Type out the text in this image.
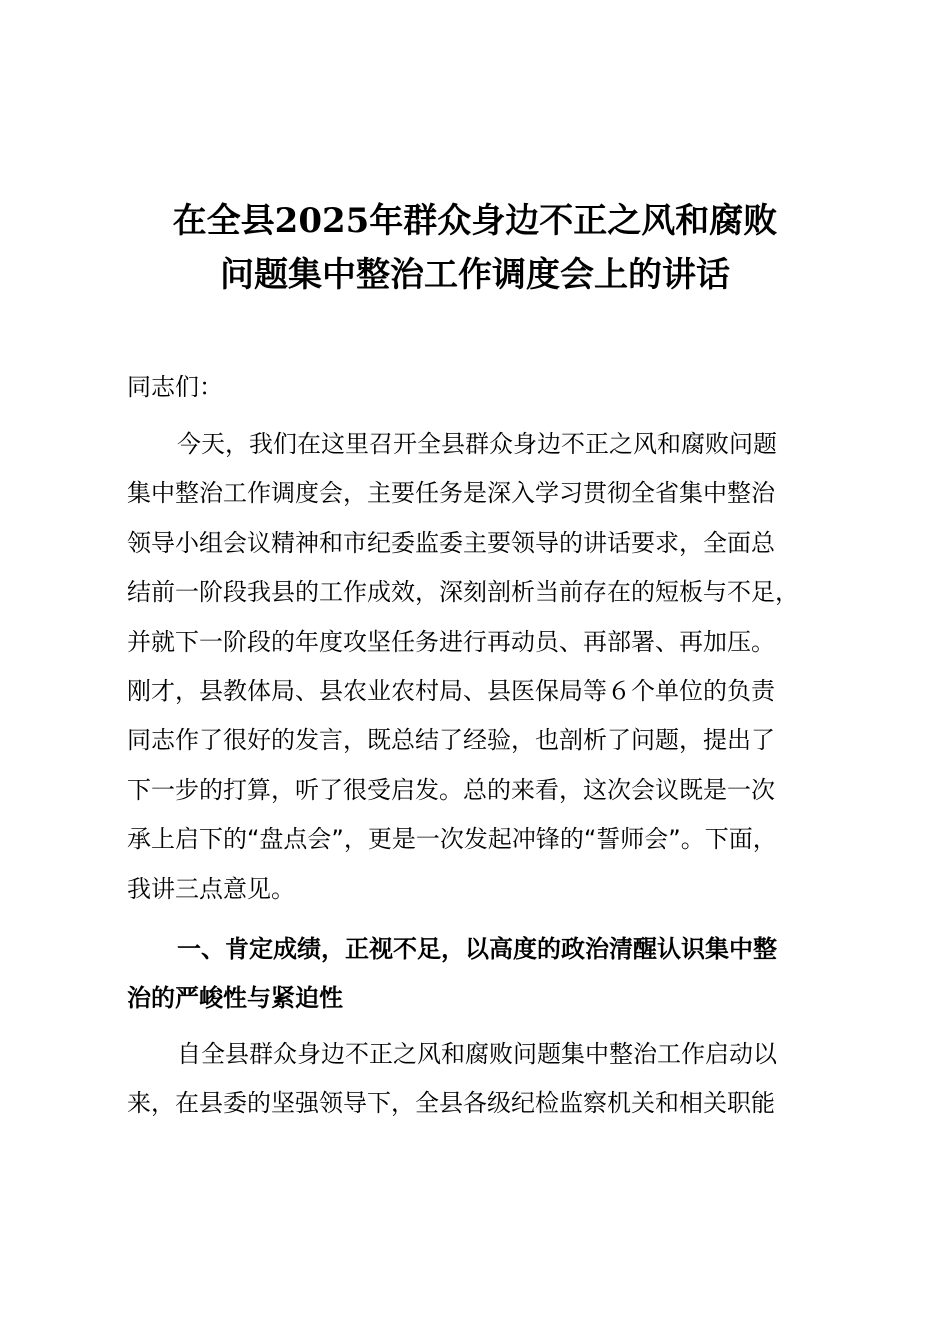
在全县2025年群众身边不正之风和腐败
问题集中整治工作调度会上的讲话

同志们：

今天，我们在这里召开全县群众身边不正之风和腐败问题
集中整治工作调度会，主要任务是深入学习贯彻全省集中整治
领导小组会议精神和市纪委监委主要领导的讲话要求，全面总
结前一阶段我县的工作成效，深刻剖析当前存在的短板与不足，
并就下一阶段的年度攻坚任务进行再动员、再部署、再加压。
刚才，县教体局、县农业农村局、县医保局等６个单位的负责
同志作了很好的发言，既总结了经验，也剖析了问题，提出了
下一步的打算，听了很受启发。总的来看，这次会议既是一次
承上启下的“盘点会”，更是一次发起冲锋的“誓师会”。下面，
我讲三点意见。
一、肯定成绩，正视不足，以高度的政治清醒认识集中整
治的严峻性与紧迫性
自全县群众身边不正之风和腐败问题集中整治工作启动以
来，在县委的坚强领导下，全县各级纪检监察机关和相关职能
